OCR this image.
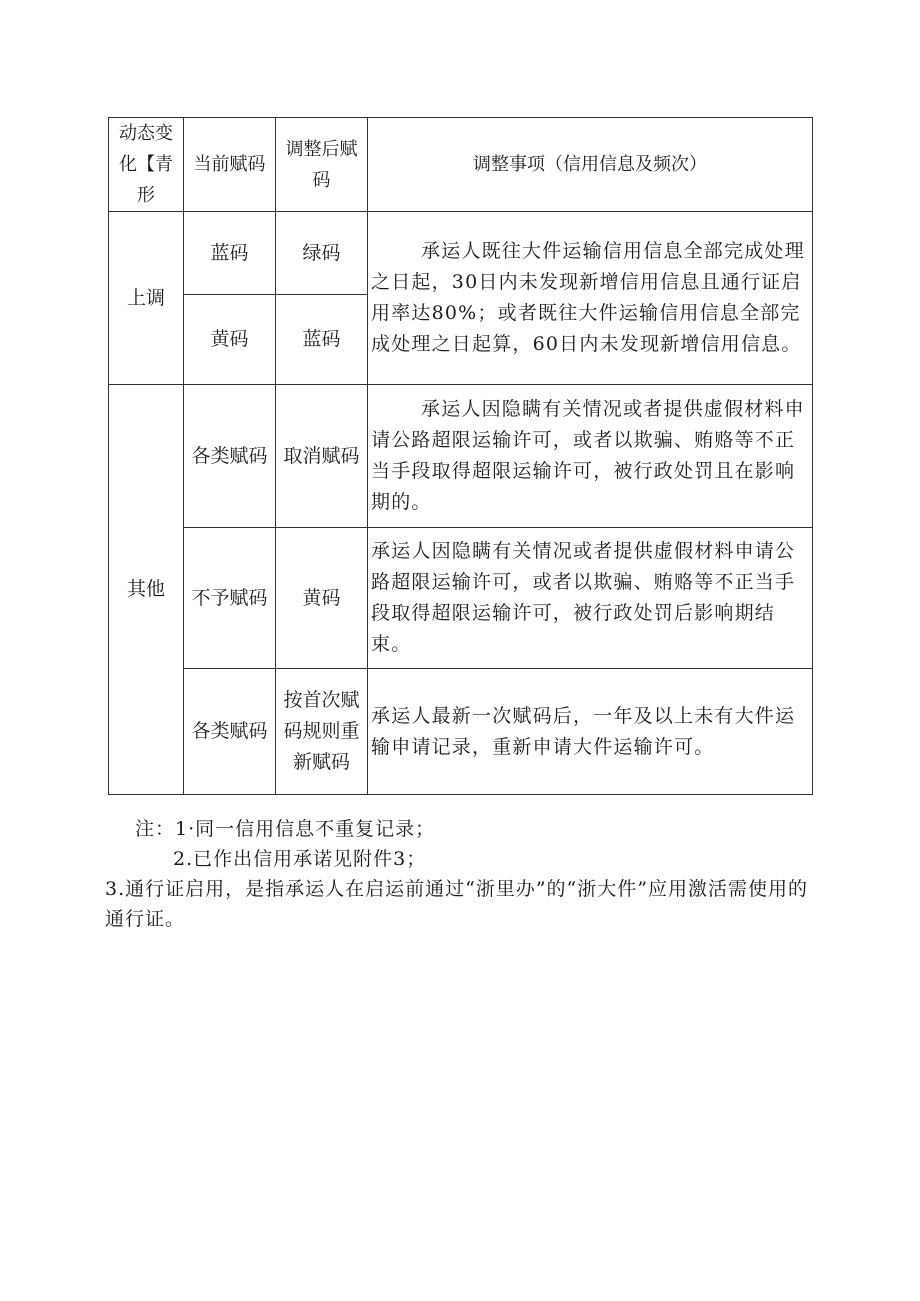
动态变化【青形	当前赋码	调整后赋码	调整事项（信用信息及频次）
上调	蓝码	绿码	承运人既往大件运输信用信息全部完成处理之日起，30日内未发现新增信用信息且通行证启用率达80%；或者既往大件运输信用信息全部完成处理之日起算，60日内未发现新增信用信息。
	黄码	蓝码	
其他	各类赋码	取消赋码	承运人因隐瞒有关情况或者提供虚假材料申请公路超限运输许可，或者以欺骗、贿赂等不正当手段取得超限运输许可，被行政处罚且在影响期的。
	不予赋码	黄码	承运人因隐瞒有关情况或者提供虚假材料申请公路超限运输许可，或者以欺骗、贿赂等不正当手段取得超限运输许可，被行政处罚后影响期结束。
	各类赋码	按首次赋码规则重新赋码	承运人最新一次赋码后，一年及以上未有大件运输申请记录，重新申请大件运输许可。
注：1·同一信用信息不重复记录；
2.已作出信用承诺见附件3；
3.通行证启用，是指承运人在启运前通过“浙里办”的“浙大件”应用激活需使用的通行证。
